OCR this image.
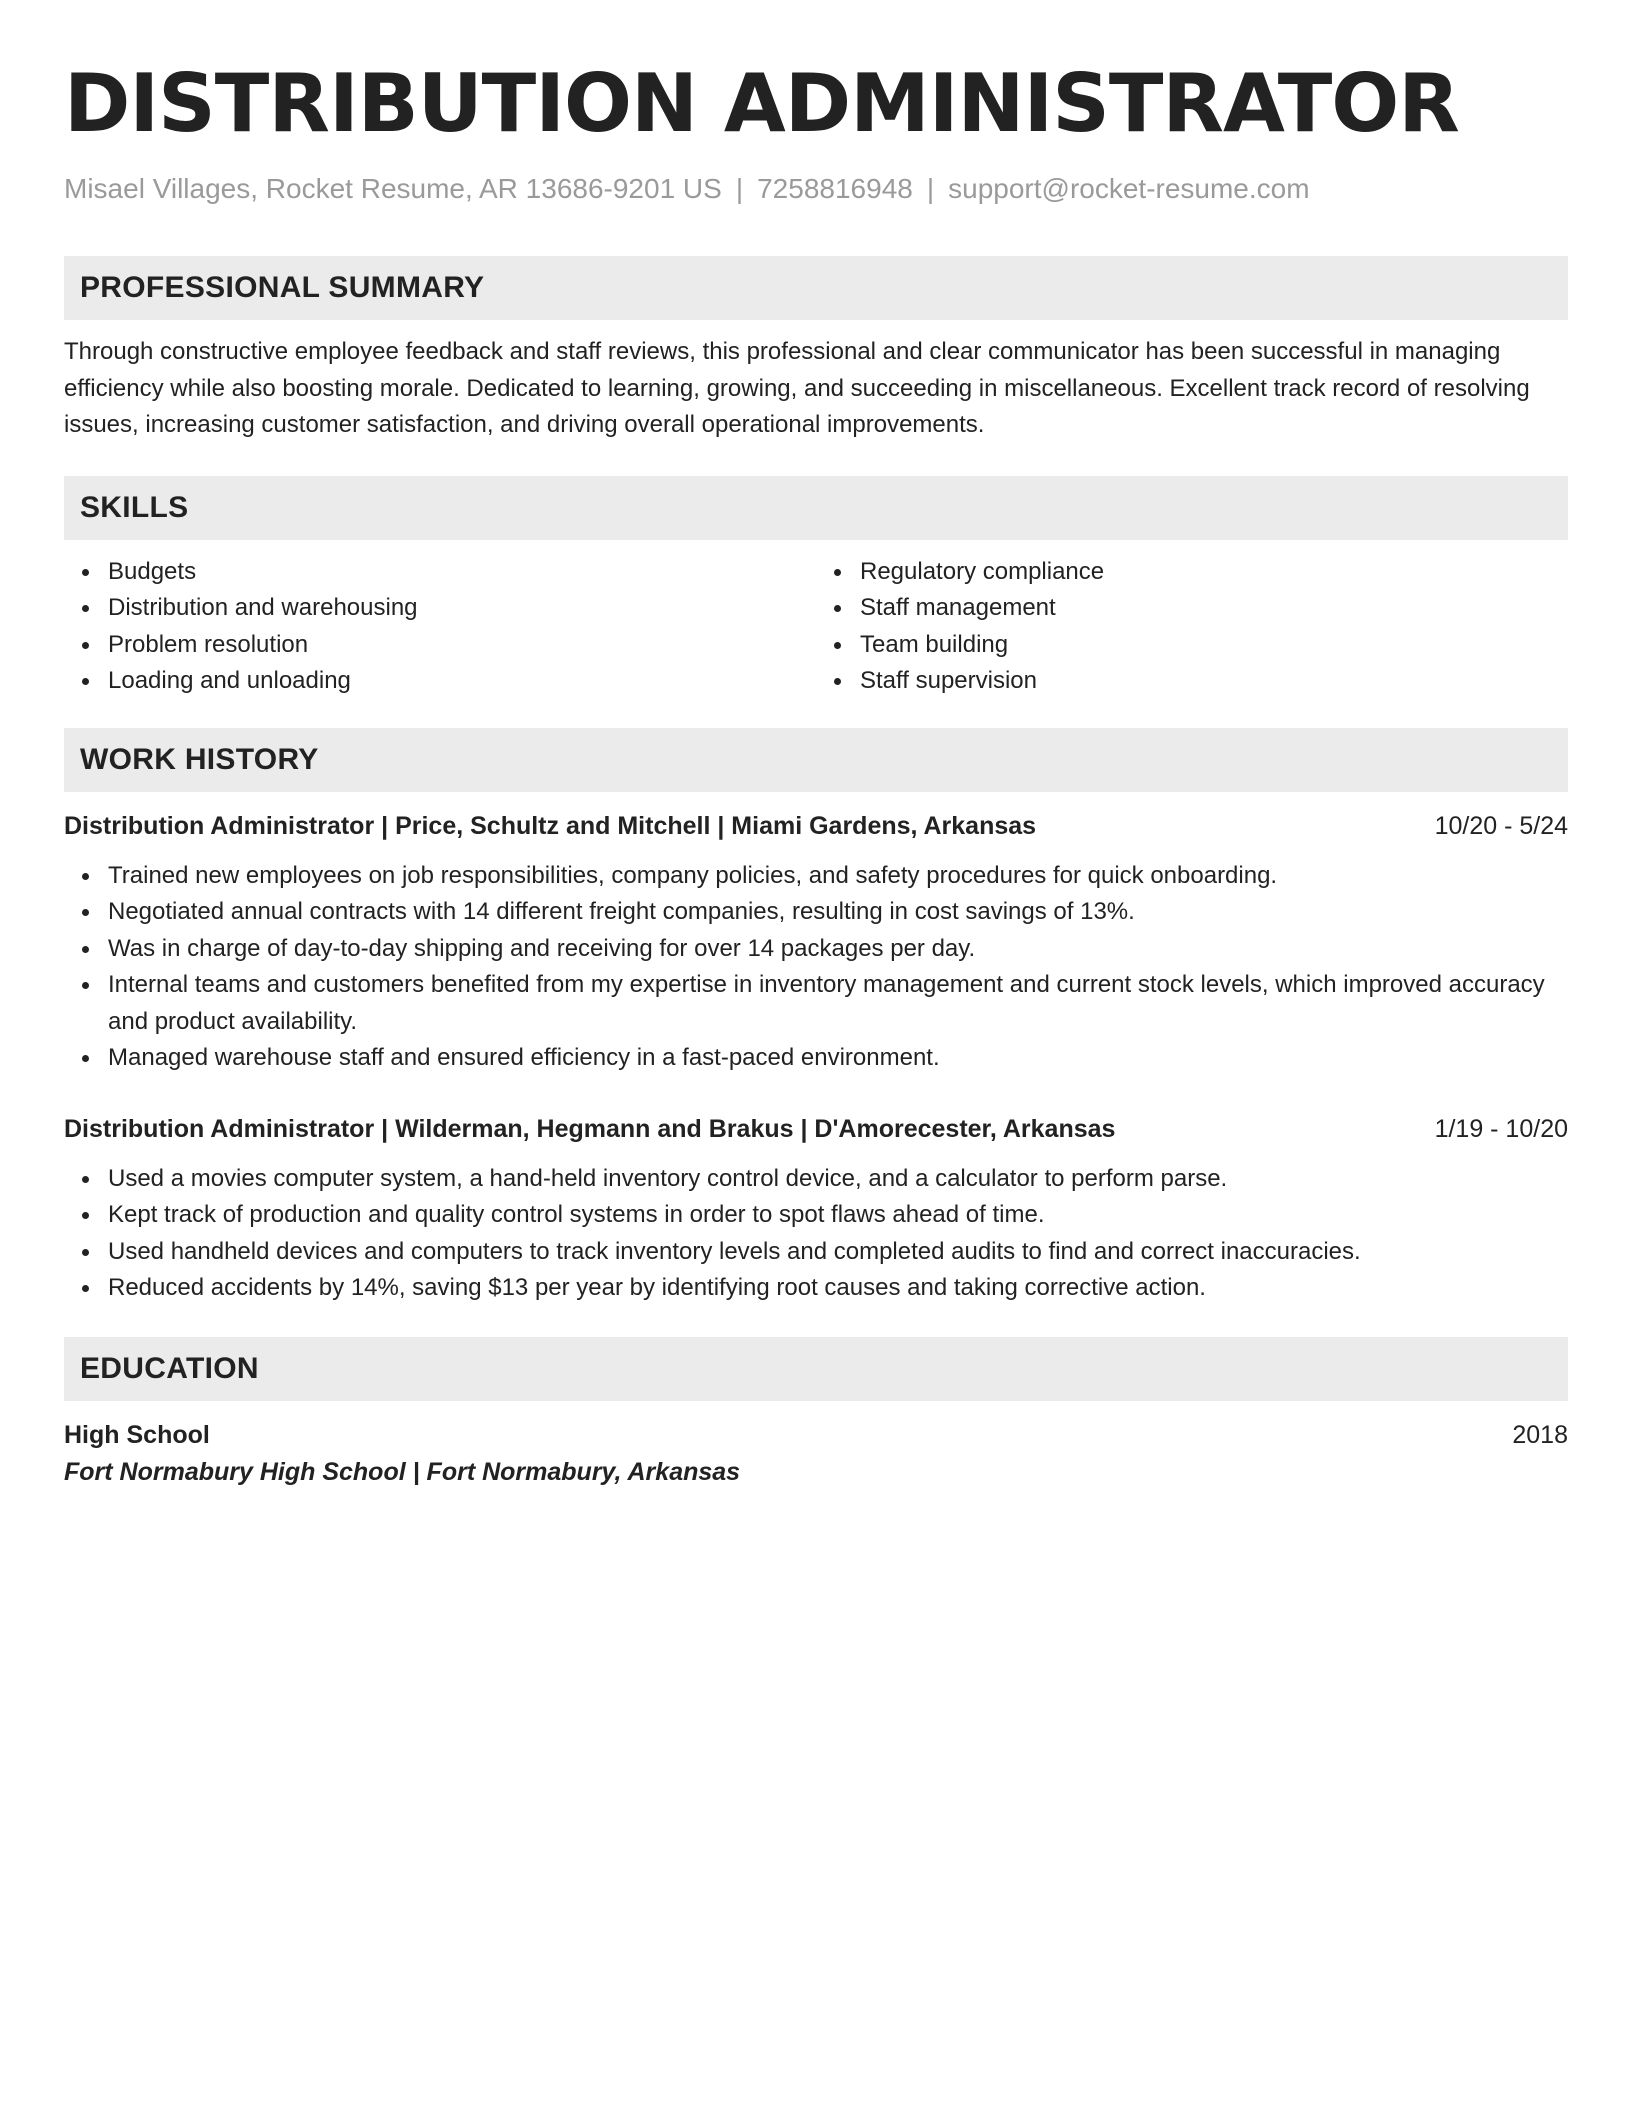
DISTRIBUTION ADMINISTRATOR
Misael Villages, Rocket Resume, AR 13686-9201 US | 7258816948 | support@rocket-resume.com
PROFESSIONAL SUMMARY

Through constructive employee feedback and staff reviews, this professional and clear communicator has been successful in managing efficiency while also boosting morale. Dedicated to learning, growing, and succeeding in miscellaneous. Excellent track record of resolving issues, increasing customer satisfaction, and driving overall operational improvements.

SKILLS
Budgets
Distribution and warehousing
Problem resolution
Loading and unloading
Regulatory compliance
Staff management
Team building
Staff supervision
WORK HISTORY
Distribution Administrator | Price, Schultz and Mitchell | Miami Gardens, Arkansas	10/20 - 5/24
Trained new employees on job responsibilities, company policies, and safety procedures for quick onboarding.
Negotiated annual contracts with 14 different freight companies, resulting in cost savings of 13%.
Was in charge of day-to-day shipping and receiving for over 14 packages per day.
Internal teams and customers benefited from my expertise in inventory management and current stock levels, which improved accuracy and product availability.
Managed warehouse staff and ensured efficiency in a fast-paced environment.
Distribution Administrator | Wilderman, Hegmann and Brakus | D'Amorecester, Arkansas	1/19 - 10/20
Used a movies computer system, a hand-held inventory control device, and a calculator to perform parse.
Kept track of production and quality control systems in order to spot flaws ahead of time.
Used handheld devices and computers to track inventory levels and completed audits to find and correct inaccuracies.
Reduced accidents by 14%, saving $13 per year by identifying root causes and taking corrective action.
EDUCATION
High School	2018
Fort Normabury High School | Fort Normabury, Arkansas
